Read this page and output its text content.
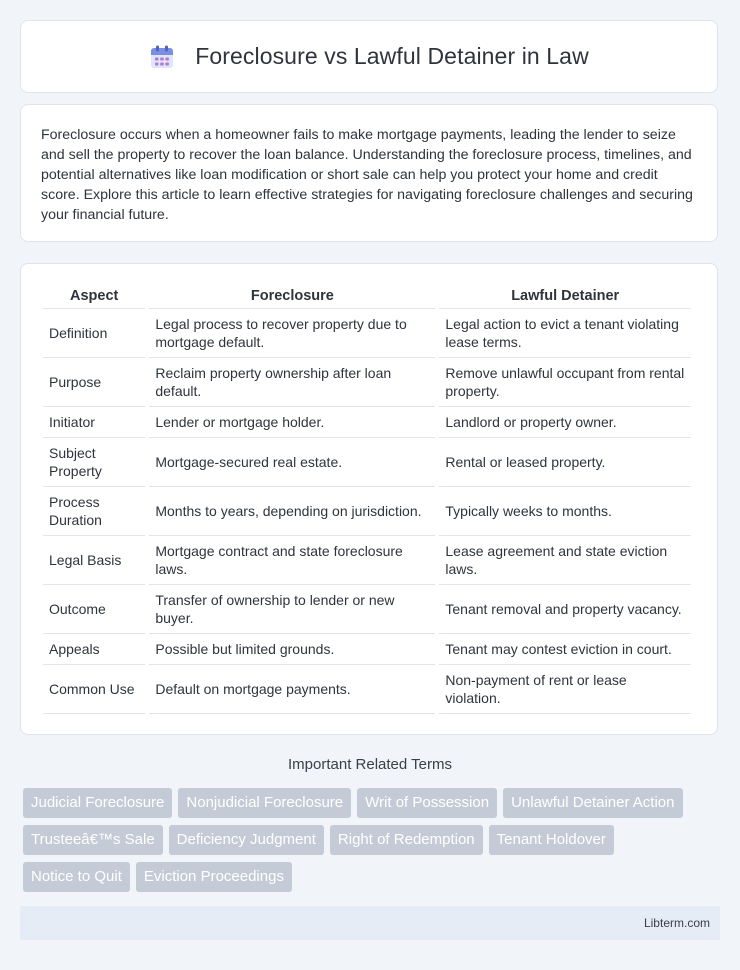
Foreclosure vs Lawful Detainer in Law

Foreclosure occurs when a homeowner fails to make mortgage payments, leading the lender to seize and sell the property to recover the loan balance. Understanding the foreclosure process, timelines, and potential alternatives like loan modification or short sale can help you protect your home and credit score. Explore this article to learn effective strategies for navigating foreclosure challenges and securing your financial future.

Aspect	Foreclosure	Lawful Detainer
Definition	Legal process to recover property due to mortgage default.	Legal action to evict a tenant violating lease terms.
Purpose	Reclaim property ownership after loan default.	Remove unlawful occupant from rental property.
Initiator	Lender or mortgage holder.	Landlord or property owner.
Subject Property	Mortgage-secured real estate.	Rental or leased property.
Process Duration	Months to years, depending on jurisdiction.	Typically weeks to months.
Legal Basis	Mortgage contract and state foreclosure laws.	Lease agreement and state eviction laws.
Outcome	Transfer of ownership to lender or new buyer.	Tenant removal and property vacancy.
Appeals	Possible but limited grounds.	Tenant may contest eviction in court.
Common Use	Default on mortgage payments.	Non-payment of rent or lease violation.
Important Related Terms
Judicial Foreclosure	Nonjudicial Foreclosure	Writ of Possession	Unlawful Detainer Action
Trusteeâ€™s Sale	Deficiency Judgment	Right of Redemption	Tenant Holdover
Notice to Quit	Eviction Proceedings
Libterm.com
